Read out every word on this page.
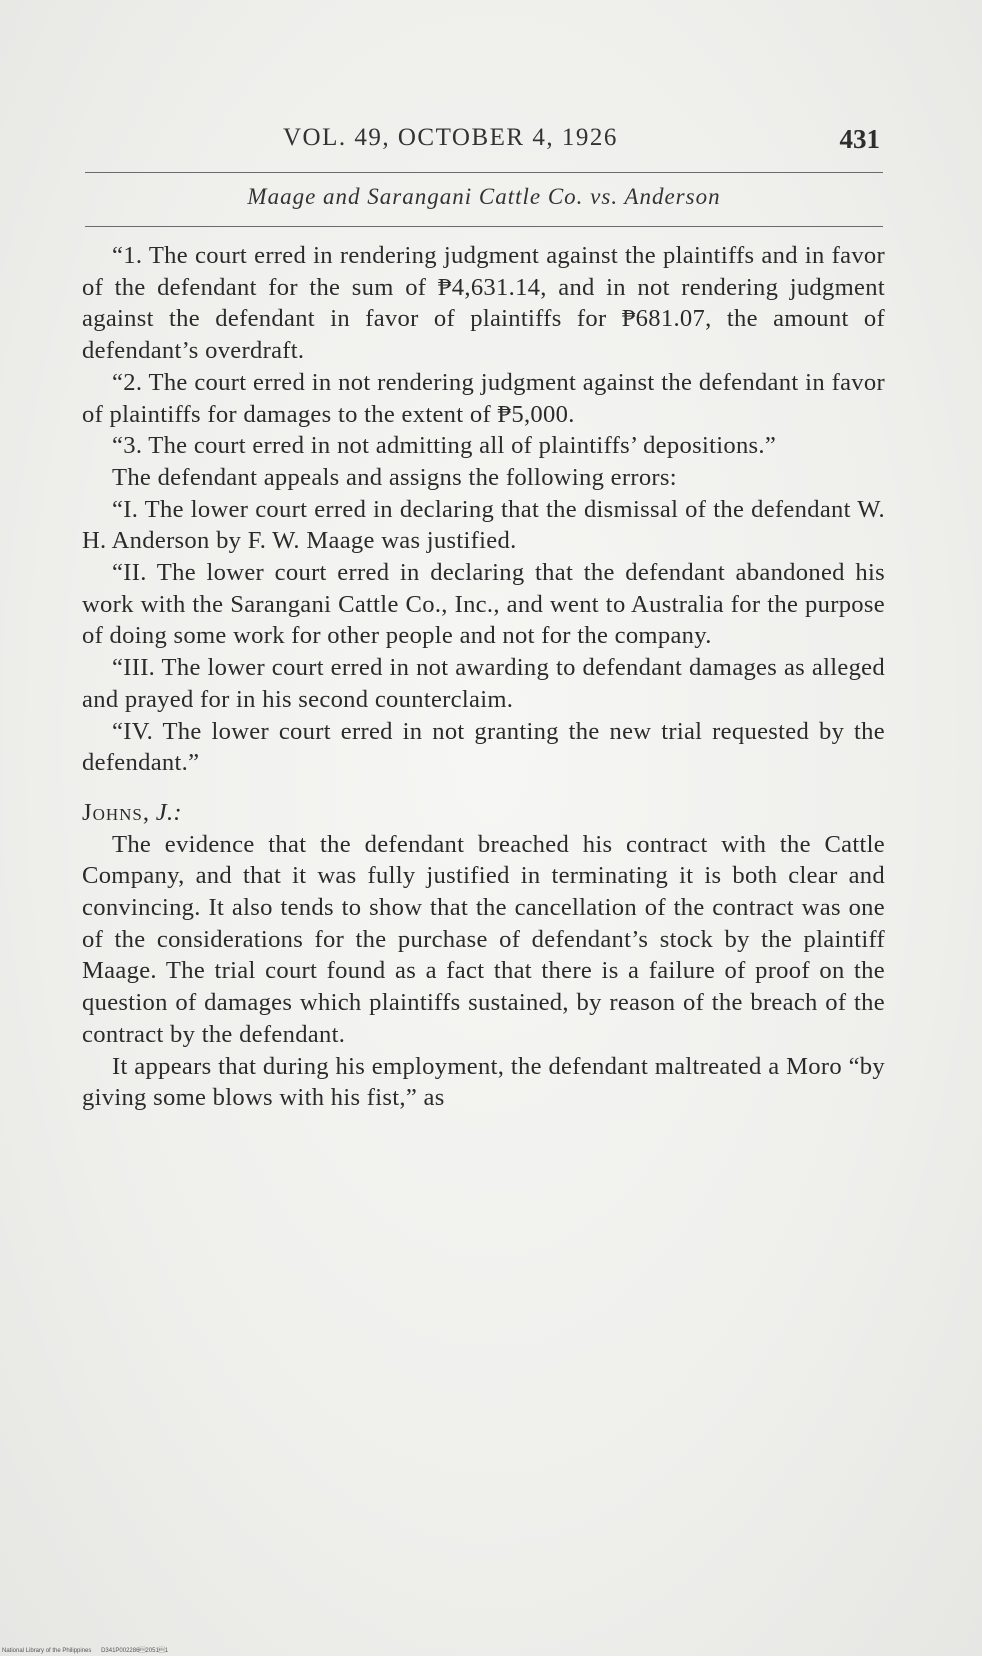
VOL. 49, OCTOBER 4, 1926	431
Maage and Sarangani Cattle Co. vs. Anderson

“1. The court erred in rendering judgment against the plaintiffs and in favor of the defendant for the sum of ₱4,631.14, and in not rendering judgment against the defendant in favor of plaintiffs for ₱681.07, the amount of defendant’s overdraft.

“2. The court erred in not rendering judgment against the defendant in favor of plaintiffs for damages to the extent of ₱5,000.

“3. The court erred in not admitting all of plaintiffs’ depositions.”

The defendant appeals and assigns the following errors:

“I. The lower court erred in declaring that the dismissal of the defendant W. H. Anderson by F. W. Maage was justified.

“II. The lower court erred in declaring that the defendant abandoned his work with the Sarangani Cattle Co., Inc., and went to Australia for the purpose of doing some work for other people and not for the company.

“III. The lower court erred in not awarding to defendant damages as alleged and prayed for in his second counterclaim.

“IV. The lower court erred in not granting the new trial requested by the defendant.”

Johns, J.:

The evidence that the defendant breached his contract with the Cattle Company, and that it was fully justified in terminating it is both clear and convincing. It also tends to show that the cancellation of the contract was one of the considerations for the purchase of defendant’s stock by the plaintiff Maage. The trial court found as a fact that there is a failure of proof on the question of damages which plaintiffs sustained, by reason of the breach of the contract by the defendant.

It appears that during his employment, the defendant maltreated a Moro “by giving some blows with his fist,” as

National Library of the Philippines D341P00228620511
